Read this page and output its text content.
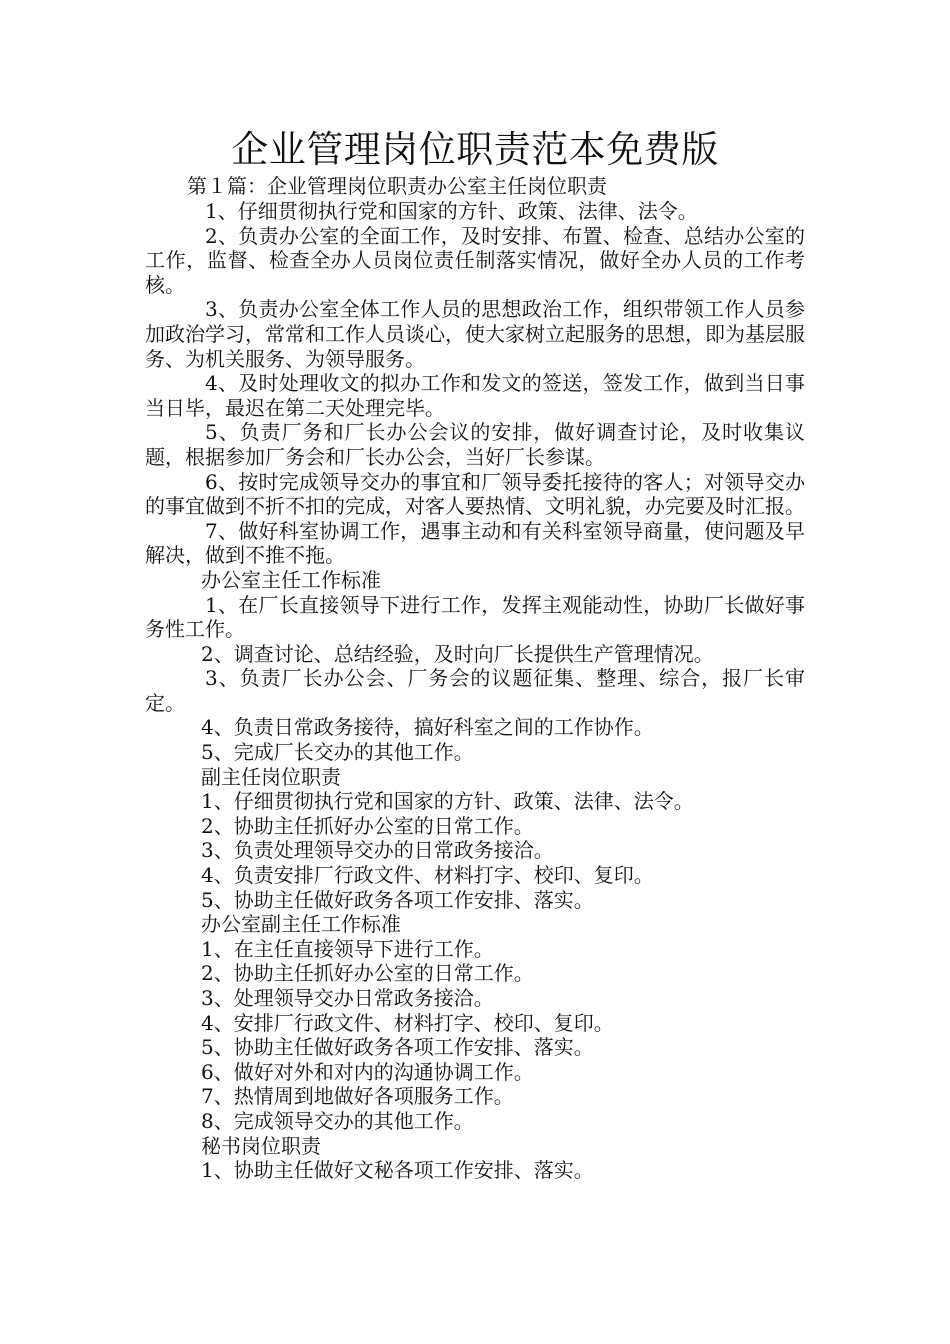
企业管理岗位职责范本免费版
第１篇：企业管理岗位职责办公室主任岗位职责

1、仔细贯彻执行党和国家的方针、政策、法律、法令。

2、负责办公室的全面工作，及时安排、布置、检查、总结办公室的工作，监督、检查全办人员岗位责任制落实情况，做好全办人员的工作考核。

3、负责办公室全体工作人员的思想政治工作，组织带领工作人员参加政治学习，常常和工作人员谈心，使大家树立起服务的思想，即为基层服务、为机关服务、为领导服务。

4、及时处理收文的拟办工作和发文的签送，签发工作，做到当日事当日毕，最迟在第二天处理完毕。

5、负责厂务和厂长办公会议的安排，做好调查讨论，及时收集议题，根据参加厂务会和厂长办公会，当好厂长参谋。

6、按时完成领导交办的事宜和厂领导委托接待的客人；对领导交办的事宜做到不折不扣的完成，对客人要热情、文明礼貌，办完要及时汇报。

7、做好科室协调工作，遇事主动和有关科室领导商量，使问题及早解决，做到不推不拖。

办公室主任工作标准

1、在厂长直接领导下进行工作，发挥主观能动性，协助厂长做好事务性工作。

2、调查讨论、总结经验，及时向厂长提供生产管理情况。

3、负责厂长办公会、厂务会的议题征集、整理、综合，报厂长审定。

4、负责日常政务接待，搞好科室之间的工作协作。

5、完成厂长交办的其他工作。

副主任岗位职责

1、仔细贯彻执行党和国家的方针、政策、法律、法令。

2、协助主任抓好办公室的日常工作。

3、负责处理领导交办的日常政务接洽。

4、负责安排厂行政文件、材料打字、校印、复印。

5、协助主任做好政务各项工作安排、落实。

办公室副主任工作标准

1、在主任直接领导下进行工作。

2、协助主任抓好办公室的日常工作。

3、处理领导交办日常政务接洽。

4、安排厂行政文件、材料打字、校印、复印。

5、协助主任做好政务各项工作安排、落实。

6、做好对外和对内的沟通协调工作。

7、热情周到地做好各项服务工作。

8、完成领导交办的其他工作。

秘书岗位职责

1、协助主任做好文秘各项工作安排、落实。
